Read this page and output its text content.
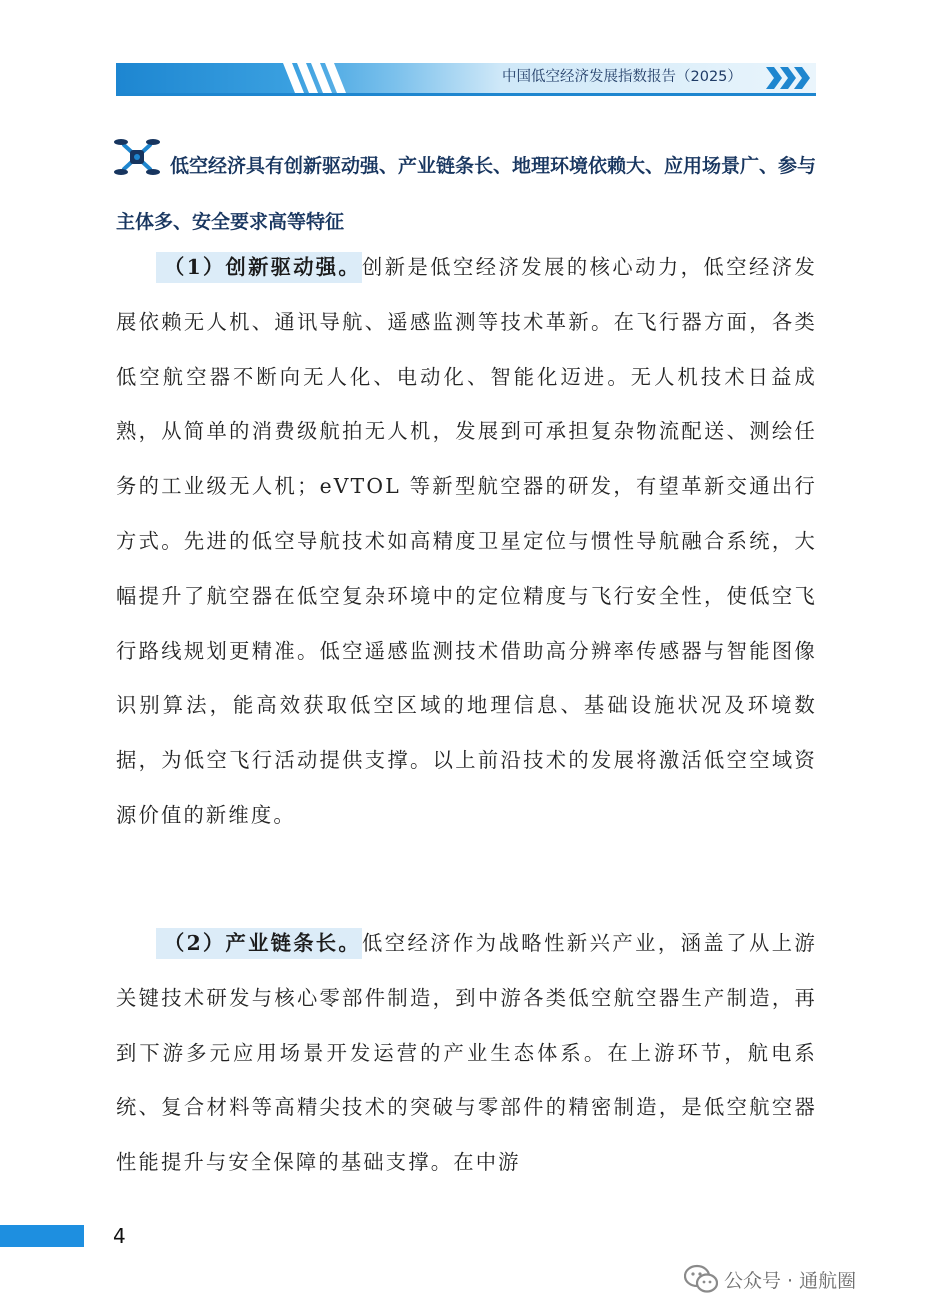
中国低空经济发展指数报告（2025）
低空经济具有创新驱动强、产业链条长、地理环境依赖大、应用场景广、参与主体多、安全要求高等特征
（1）创新驱动强。创新是低空经济发展的核心动力，低空经济发展依赖无人机、通讯导航、遥感监测等技术革新。在飞行器方面，各类低空航空器不断向无人化、电动化、智能化迈进。无人机技术日益成熟，从简单的消费级航拍无人机，发展到可承担复杂物流配送、测绘任务的工业级无人机；eVTOL 等新型航空器的研发，有望革新交通出行方式。先进的低空导航技术如高精度卫星定位与惯性导航融合系统，大幅提升了航空器在低空复杂环境中的定位精度与飞行安全性，使低空飞行路线规划更精准。低空遥感监测技术借助高分辨率传感器与智能图像识别算法，能高效获取低空区域的地理信息、基础设施状况及环境数据，为低空飞行活动提供支撑。以上前沿技术的发展将激活低空空域资源价值的新维度。
（2）产业链条长。低空经济作为战略性新兴产业，涵盖了从上游关键技术研发与核心零部件制造，到中游各类低空航空器生产制造，再到下游多元应用场景开发运营的产业生态体系。在上游环节，航电系统、复合材料等高精尖技术的突破与零部件的精密制造，是低空航空器性能提升与安全保障的基础支撑。在中游
4
公众号 · 通航圈
